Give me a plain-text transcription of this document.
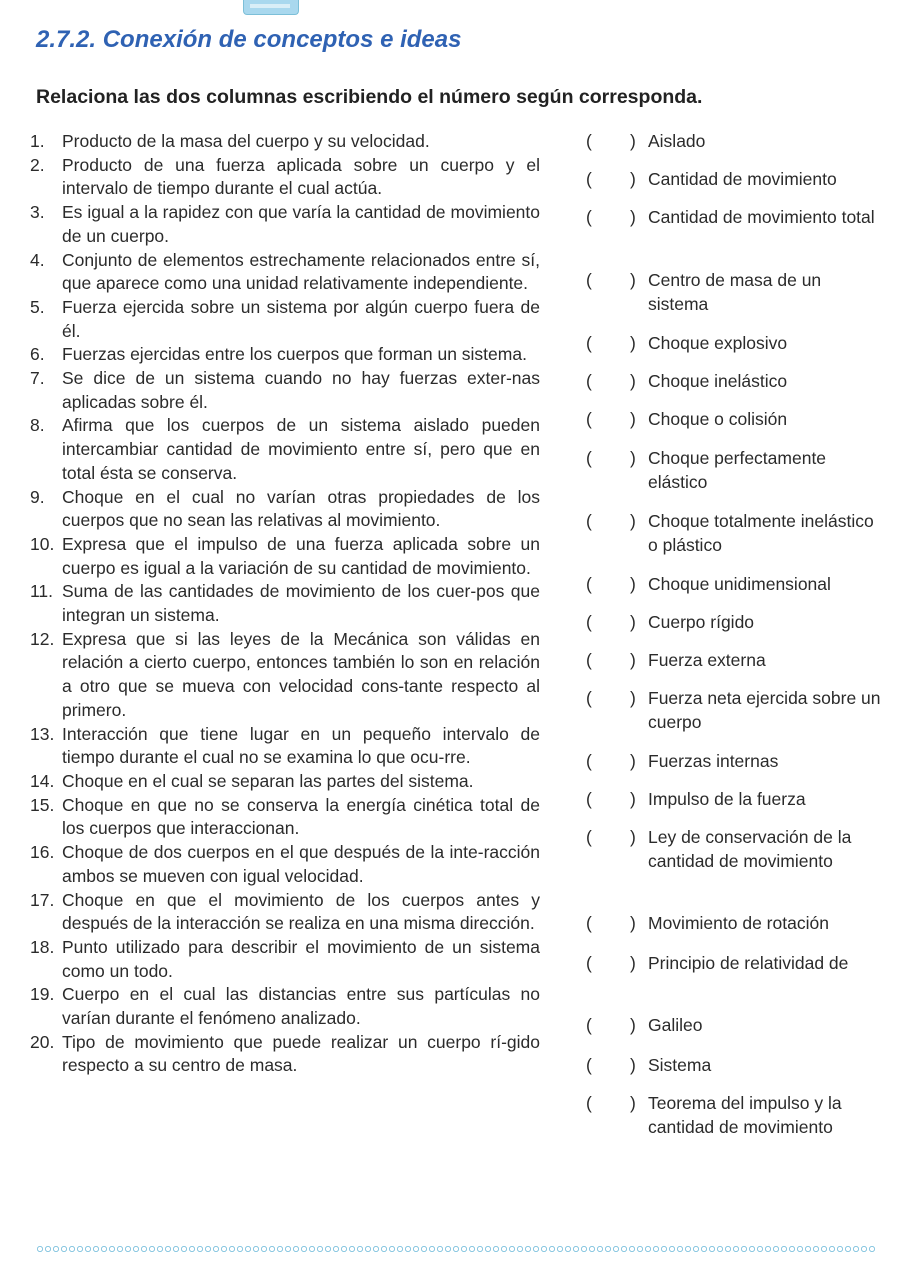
2.7.2. Conexión de conceptos e ideas

Relaciona las dos columnas escribiendo el número según corresponda.

1. Producto de la masa del cuerpo y su velocidad.
2. Producto de una fuerza aplicada sobre un cuerpo y el intervalo de tiempo durante el cual actúa.
3. Es igual a la rapidez con que varía la cantidad de movimiento de un cuerpo.
4. Conjunto de elementos estrechamente relacionados entre sí, que aparece como una unidad relativamente independiente.
5. Fuerza ejercida sobre un sistema por algún cuerpo fuera de él.
6. Fuerzas ejercidas entre los cuerpos que forman un sistema.
7. Se dice de un sistema cuando no hay fuerzas exter-nas aplicadas sobre él.
8. Afirma que los cuerpos de un sistema aislado pueden intercambiar cantidad de movimiento entre sí, pero que en total ésta se conserva.
9. Choque en el cual no varían otras propiedades de los cuerpos que no sean las relativas al movimiento.
10. Expresa que el impulso de una fuerza aplicada sobre un cuerpo es igual a la variación de su cantidad de movimiento.
11. Suma de las cantidades de movimiento de los cuer-pos que integran un sistema.
12. Expresa que si las leyes de la Mecánica son válidas en relación a cierto cuerpo, entonces también lo son en relación a otro que se mueva con velocidad cons-tante respecto al primero.
13. Interacción que tiene lugar en un pequeño intervalo de tiempo durante el cual no se examina lo que ocu-rre.
14. Choque en el cual se separan las partes del sistema.
15. Choque en que no se conserva la energía cinética total de los cuerpos que interaccionan.
16. Choque de dos cuerpos en el que después de la inte-racción ambos se mueven con igual velocidad.
17. Choque en que el movimiento de los cuerpos antes y después de la interacción se realiza en una misma dirección.
18. Punto utilizado para describir el movimiento de un sistema como un todo.
19. Cuerpo en el cual las distancias entre sus partículas no varían durante el fenómeno analizado.
20. Tipo de movimiento que puede realizar un cuerpo rí-gido respecto a su centro de masa.
( ) Aislado
( ) Cantidad de movimiento
( ) Cantidad de movimiento total
( ) Centro de masa de un sistema
( ) Choque explosivo
( ) Choque inelástico
( ) Choque o colisión
( ) Choque perfectamente elástico
( ) Choque totalmente inelástico o plástico
( ) Choque unidimensional
( ) Cuerpo rígido
( ) Fuerza externa
( ) Fuerza neta ejercida sobre un cuerpo
( ) Fuerzas internas
( ) Impulso de la fuerza
( ) Ley de conservación de la cantidad de movimiento
( ) Movimiento de rotación
( ) Principio de relatividad de
( ) Galileo
( ) Sistema
( ) Teorema del impulso y la cantidad de movimiento
